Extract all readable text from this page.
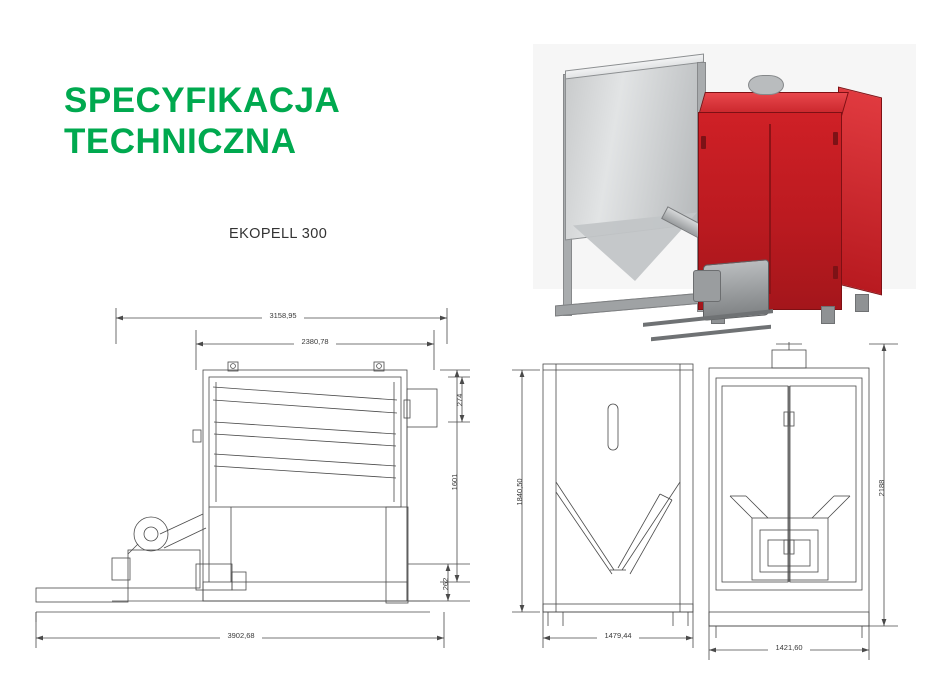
SPECYFIKACJA
TECHNICZNA
EKOPELL 300
3158,95
2380,78
3902,68
1601
274
262
1840,50
1479,44
2188
1421,60
